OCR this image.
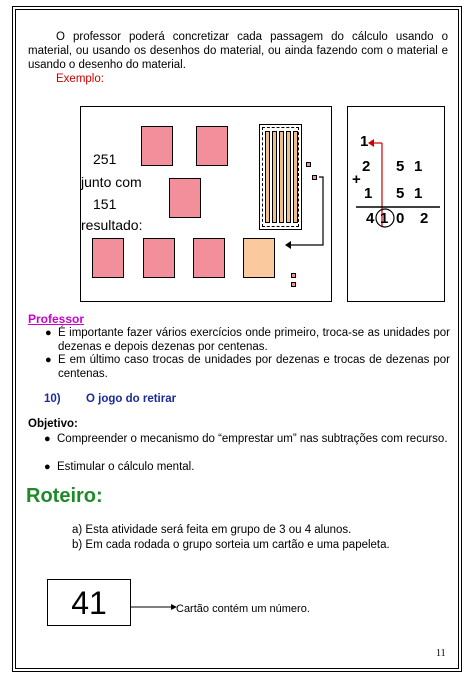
O professor poderá concretizar cada passagem do cálculo usando o material, ou usando os desenhos do material, ou ainda fazendo com o material e usando o desenho do material.
Exemplo:
251
junto com
151
resultado:
1
2 5 1
+
1 5 1
4 1 0 2
Professor
● É importante fazer vários exercícios onde primeiro, troca-se as unidades por dezenas e depois dezenas por centenas.
● E em último caso trocas de unidades por dezenas e trocas de dezenas por centenas.
10) O jogo do retirar
Objetivo:
● Compreender o mecanismo do “emprestar um” nas subtrações com recurso.
● Estimular o cálculo mental.
Roteiro:
a) Esta atividade será feita em grupo de 3 ou 4 alunos.
b) Em cada rodada o grupo sorteia um cartão e uma papeleta.
41	Cartão contém um número.
11
